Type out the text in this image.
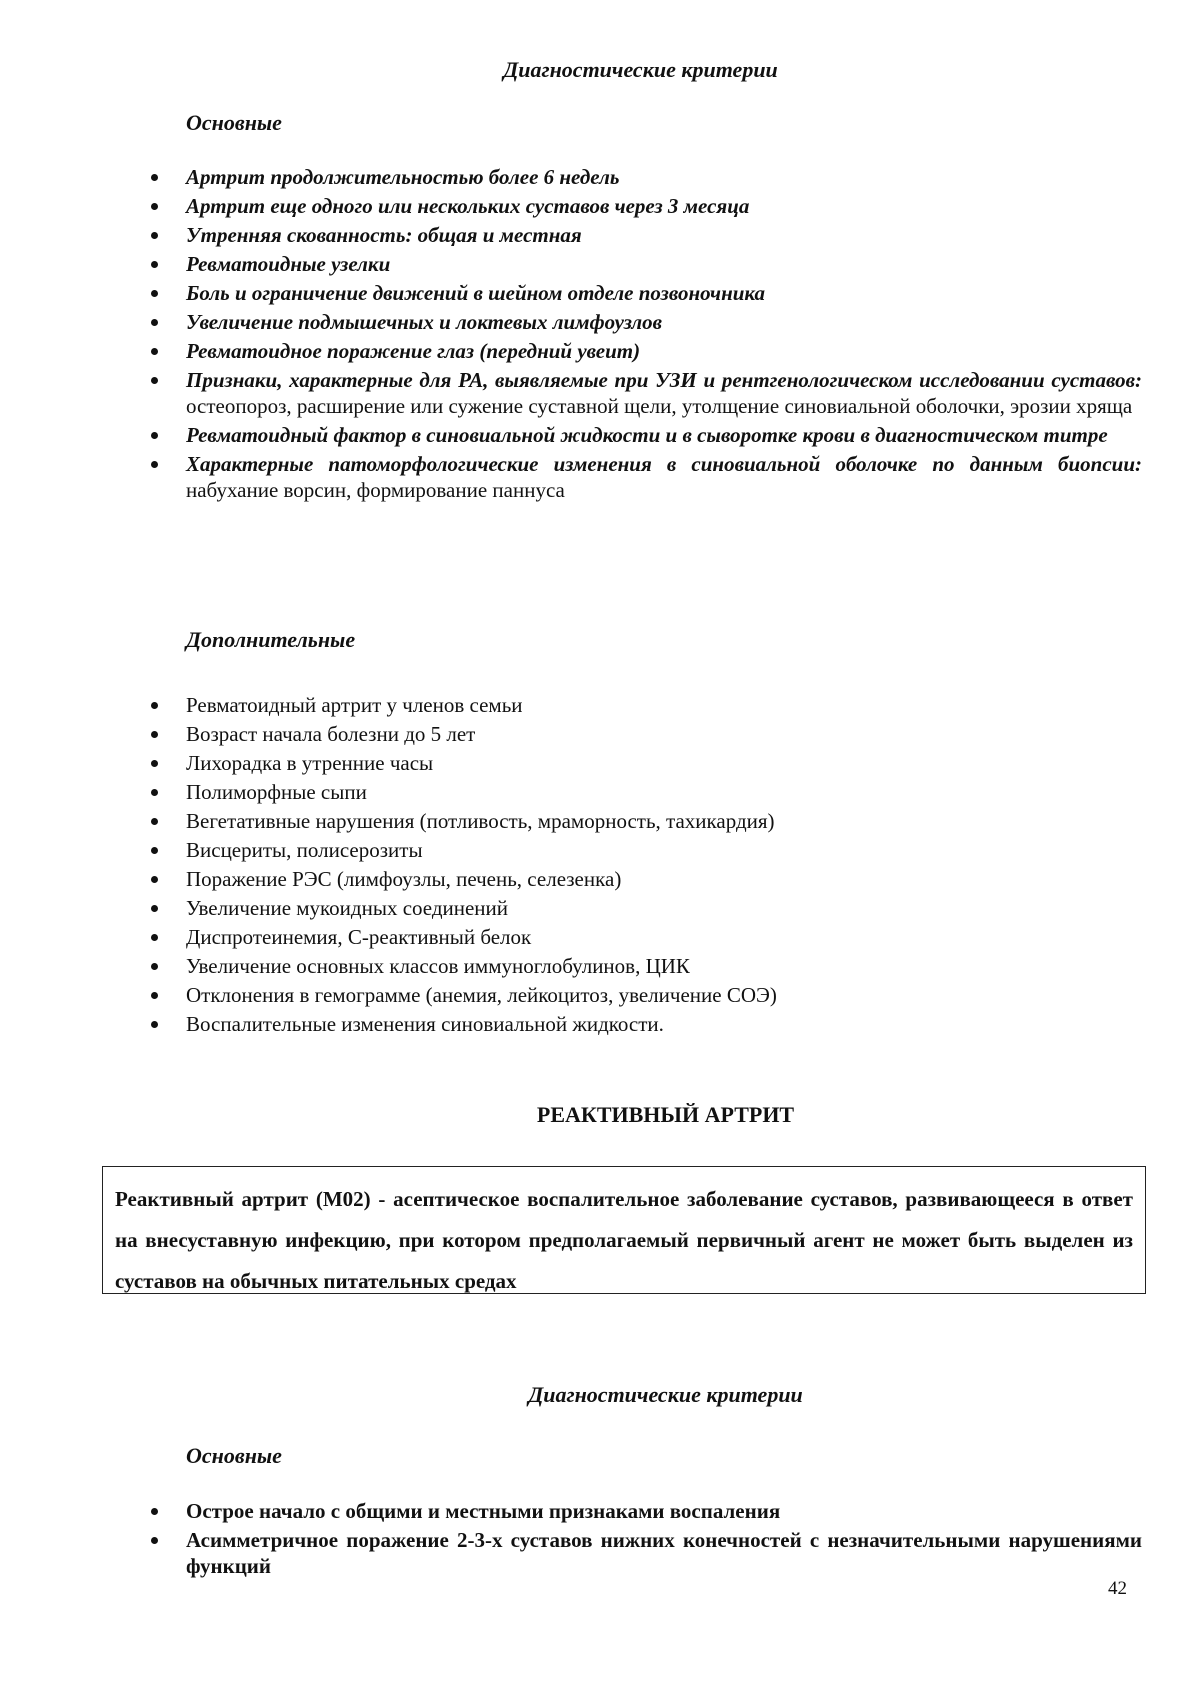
Диагностические критерии
Основные
Артрит продолжительностью более 6 недель
Артрит еще одного или нескольких суставов через 3 месяца
Утренняя скованность: общая и местная
Ревматоидные узелки
Боль и ограничение движений в шейном отделе позвоночника
Увеличение подмышечных и локтевых лимфоузлов
Ревматоидное поражение глаз (передний увеит)
Признаки, характерные для РА, выявляемые при УЗИ и рентгенологическом исследовании суставов: остеопороз, расширение или сужение суставной щели, утолщение синовиальной оболочки, эрозии хряща
Ревматоидный фактор в синовиальной жидкости и в сыворотке крови в диагностическом титре
Характерные патоморфологические изменения в синовиальной оболочке по данным биопсии: набухание ворсин, формирование паннуса
Дополнительные
Ревматоидный артрит у членов семьи
Возраст начала болезни до 5 лет
Лихорадка в утренние часы
Полиморфные сыпи
Вегетативные нарушения (потливость, мраморность, тахикардия)
Висцериты, полисерозиты
Поражение РЭС (лимфоузлы, печень, селезенка)
Увеличение мукоидных соединений
Диспротеинемия, С-реактивный белок
Увеличение основных классов иммуноглобулинов, ЦИК
Отклонения в гемограмме (анемия, лейкоцитоз, увеличение СОЭ)
Воспалительные изменения синовиальной жидкости.
РЕАКТИВНЫЙ АРТРИТ

Реактивный артрит (М02) - асептическое воспалительное заболевание суставов, развивающееся в ответ на внесуставную инфекцию, при котором предполагаемый первичный агент не может быть выделен из суставов на обычных питательных средах

Диагностические критерии
Основные
Острое начало с общими и местными признаками воспаления
Асимметричное поражение 2-3-х суставов нижних конечностей с незначительными нарушениями функций
42
